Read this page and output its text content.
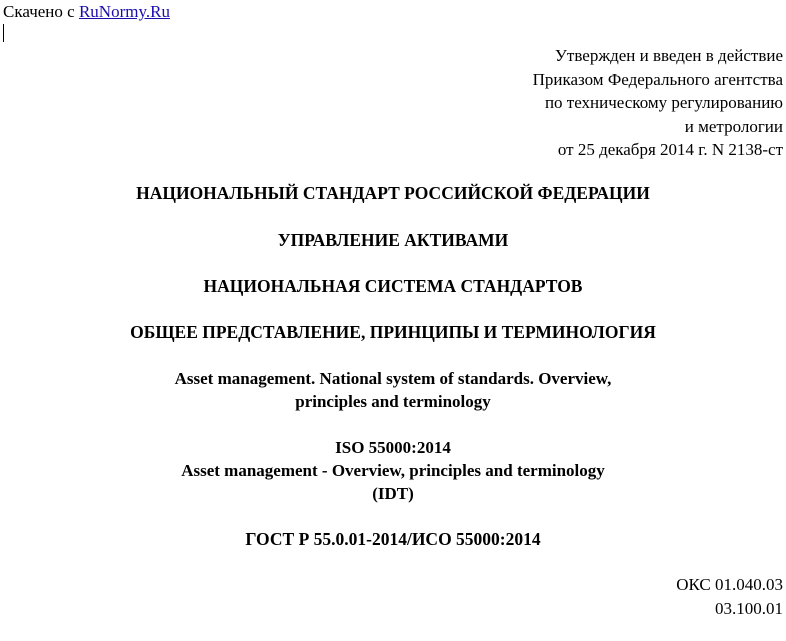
Скачено с RuNormy.Ru
Утвержден и введен в действие
Приказом Федерального агентства
по техническому регулированию
и метрологии
от 25 декабря 2014 г. N 2138-ст
НАЦИОНАЛЬНЫЙ СТАНДАРТ РОССИЙСКОЙ ФЕДЕРАЦИИ
УПРАВЛЕНИЕ АКТИВАМИ
НАЦИОНАЛЬНАЯ СИСТЕМА СТАНДАРТОВ
ОБЩЕЕ ПРЕДСТАВЛЕНИЕ, ПРИНЦИПЫ И ТЕРМИНОЛОГИЯ
Asset management. National system of standards. Overview,
principles and terminology
ISO 55000:2014
Asset management - Overview, principles and terminology
(IDT)
ГОСТ Р 55.0.01-2014/ИСО 55000:2014
ОКС 01.040.03
03.100.01
